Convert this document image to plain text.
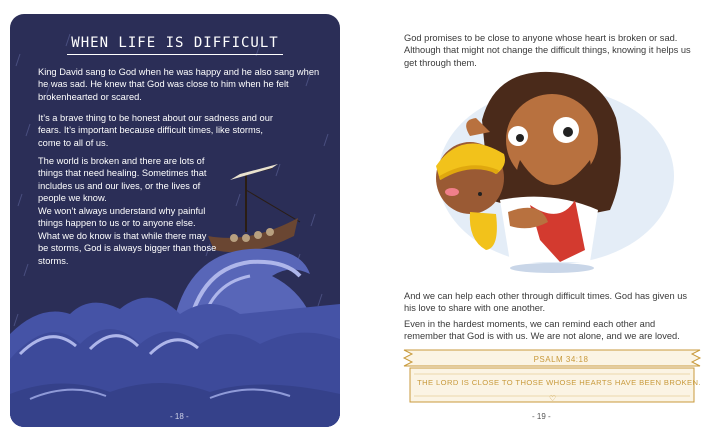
WHEN LIFE IS DIFFICULT
King David sang to God when he was happy and he also sang when he was sad. He knew that God was close to him when he felt brokenhearted or scared.
It’s a brave thing to be honest about our sadness and our fears. It’s important because difficult times, like storms, come to all of us.
The world is broken and there are lots of things that need healing. Sometimes that includes us and our lives, or the lives of people we know.
We won’t always understand why painful things happen to us or to anyone else. What we do know is that while there may be storms, God is always bigger than those storms.
- 18 -
God promises to be close to anyone whose heart is broken or sad. Although that might not change the difficult things, knowing it helps us get through them.
And we can help each other through difficult times. God has given us his love to share with one another.
Even in the hardest moments, we can remind each other and remember that God is with us. We are not alone, and we are loved.
♡
PSALM 34:18
THE LORD IS CLOSE TO THOSE WHOSE HEARTS HAVE BEEN BROKEN.
- 19 -
